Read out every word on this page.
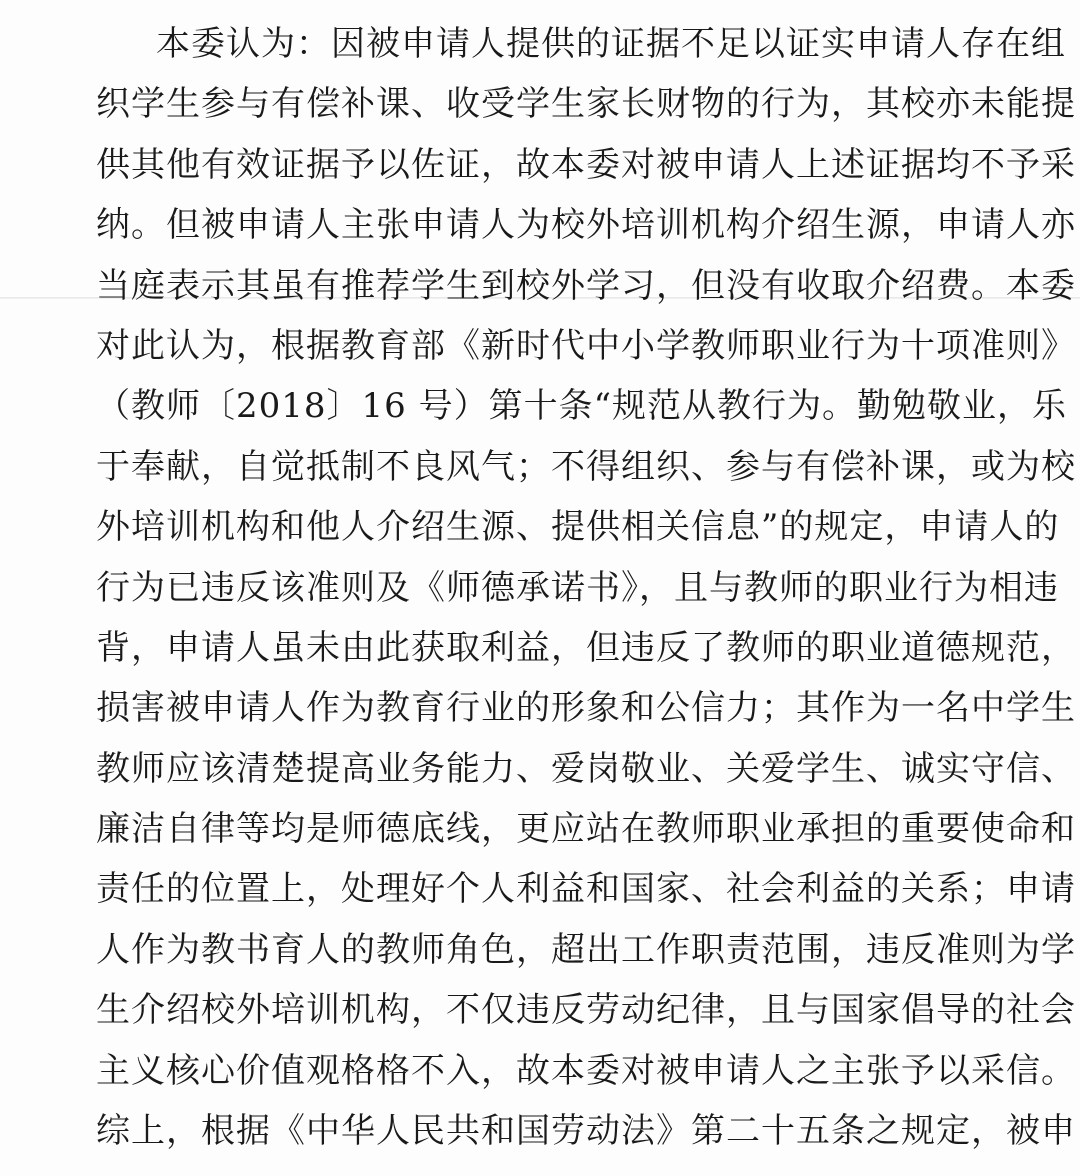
本委认为：因被申请人提供的证据不足以证实申请人存在组
织学生参与有偿补课、收受学生家长财物的行为，其校亦未能提
供其他有效证据予以佐证，故本委对被申请人上述证据均不予采
纳。但被申请人主张申请人为校外培训机构介绍生源，申请人亦
当庭表示其虽有推荐学生到校外学习，但没有收取介绍费。本委
对此认为，根据教育部《新时代中小学教师职业行为十项准则》
（教师〔2018〕16 号）第十条“规范从教行为。勤勉敬业，乐
于奉献，自觉抵制不良风气；不得组织、参与有偿补课，或为校
外培训机构和他人介绍生源、提供相关信息”的规定，申请人的
行为已违反该准则及《师德承诺书》，且与教师的职业行为相违
背，申请人虽未由此获取利益，但违反了教师的职业道德规范，
损害被申请人作为教育行业的形象和公信力；其作为一名中学生
教师应该清楚提高业务能力、爱岗敬业、关爱学生、诚实守信、
廉洁自律等均是师德底线，更应站在教师职业承担的重要使命和
责任的位置上，处理好个人利益和国家、社会利益的关系；申请
人作为教书育人的教师角色，超出工作职责范围，违反准则为学
生介绍校外培训机构，不仅违反劳动纪律，且与国家倡导的社会
主义核心价值观格格不入，故本委对被申请人之主张予以采信。
综上，根据《中华人民共和国劳动法》第二十五条之规定，被申
